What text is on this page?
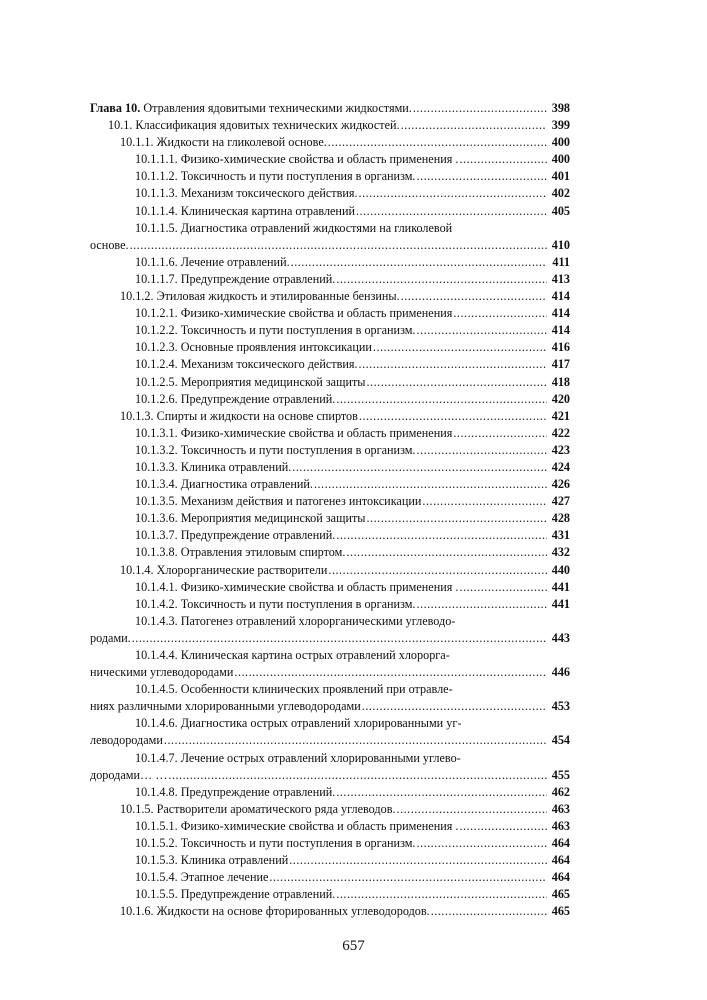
Глава 10. Отравления ядовитыми техническими жидкостями. .....	398
10.1. Классификация ядовитых технических жидкостей. .....	399
10.1.1. Жидкости на гликолевой основе. .....	400
10.1.1.1. Физико-химические свойства и область применения . .....	400
10.1.1.2. Токсичность и пути поступления в организм. .....	401
10.1.1.3. Механизм токсического действия. .....	402
10.1.1.4. Клиническая картина отравлений .....	405
10.1.1.5. Диагностика отравлений жидкостями на гликолевой
основе. .....	410
10.1.1.6. Лечение отравлений. .....	411
10.1.1.7. Предупреждение отравлений. .....	413
10.1.2. Этиловая жидкость и этилированные бензины. .....	414
10.1.2.1. Физико-химические свойства и область применения .....	414
10.1.2.2. Токсичность и пути поступления в организм. .....	414
10.1.2.3. Основные проявления интоксикации .....	416
10.1.2.4. Механизм токсического действия. .....	417
10.1.2.5. Мероприятия медицинской защиты .....	418
10.1.2.6. Предупреждение отравлений. .....	420
10.1.3. Спирты и жидкости на основе спиртов .....	421
10.1.3.1. Физико-химические свойства и область применения .....	422
10.1.3.2. Токсичность и пути поступления в организм. .....	423
10.1.3.3. Клиника отравлений. .....	424
10.1.3.4. Диагностика отравлений. .....	426
10.1.3.5. Механизм действия и патогенез интоксикации .....	427
10.1.3.6. Мероприятия медицинской защиты .....	428
10.1.3.7. Предупреждение отравлений. .....	431
10.1.3.8. Отравления этиловым спиртом. .....	432
10.1.4. Хлорорганические растворители .....	440
10.1.4.1. Физико-химические свойства и область применения . .....	441
10.1.4.2. Токсичность и пути поступления в организм. .....	441
10.1.4.3. Патогенез отравлений хлорорганическими углеводо-
родами. .....	443
10.1.4.4. Клиническая картина острых отравлений хлорорга-
ническими углеводородами .....	446
10.1.4.5. Особенности клинических проявлений при отравле-
ниях различными хлорированными углеводородами .....	453
10.1.4.6. Диагностика острых отравлений хлорированными уг-
леводородами .....	454
10.1.4.7. Лечение острых отравлений хлорированными углево-
дородами… … .....	455
10.1.4.8. Предупреждение отравлений. .....	462
10.1.5. Растворители ароматического ряда углеводов. .....	463
10.1.5.1. Физико-химические свойства и область применения . .....	463
10.1.5.2. Токсичность и пути поступления в организм. .....	464
10.1.5.3. Клиника отравлений .....	464
10.1.5.4. Этапное лечение .....	464
10.1.5.5. Предупреждение отравлений. .....	465
10.1.6. Жидкости на основе фторированных углеводородов. .....	465
657
